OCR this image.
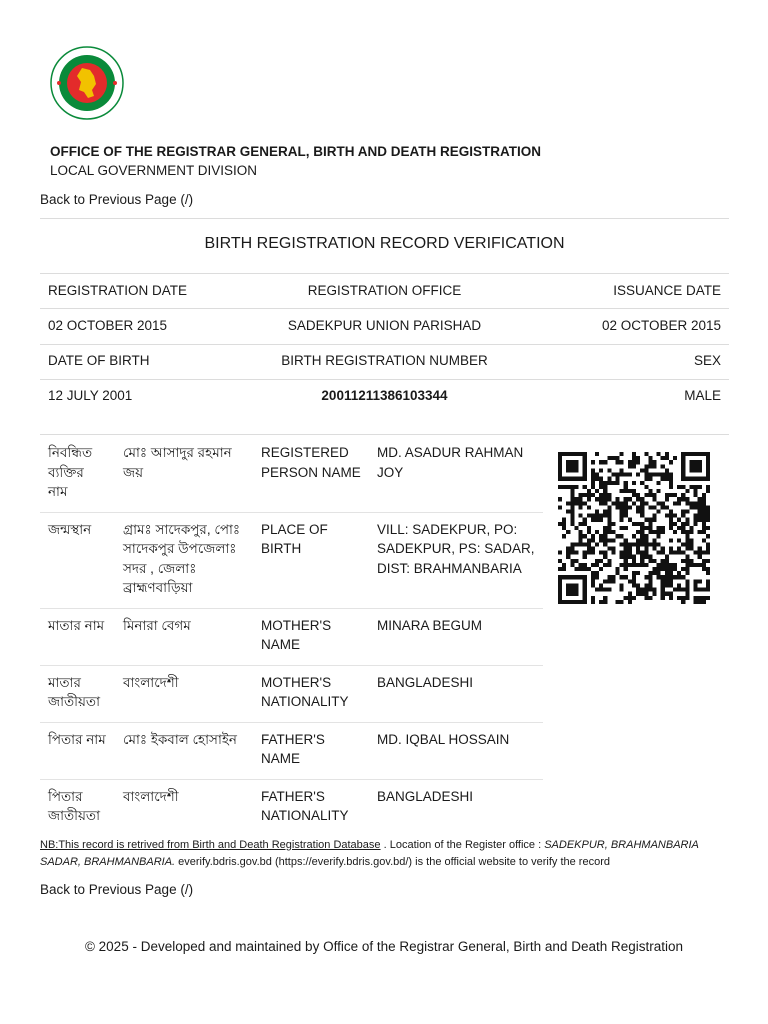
OFFICE OF THE REGISTRAR GENERAL, BIRTH AND DEATH REGISTRATION
LOCAL GOVERNMENT DIVISION
Back to Previous Page (/)
BIRTH REGISTRATION RECORD VERIFICATION
REGISTRATION DATE	REGISTRATION OFFICE	ISSUANCE DATE
02 OCTOBER 2015	SADEKPUR UNION PARISHAD	02 OCTOBER 2015
DATE OF BIRTH	BIRTH REGISTRATION NUMBER	SEX
12 JULY 2001	20011211386103344	MALE
নিবন্ধিত ব্যক্তির নাম	মোঃ আসাদুর রহমান জয়	REGISTERED PERSON NAME	MD. ASADUR RAHMAN JOY
জন্মস্থান	গ্রামঃ সাদেকপুর, পোঃ সাদেকপুর উপজেলাঃ সদর , জেলাঃ ব্রাহ্মণবাড়িয়া	PLACE OF BIRTH	VILL: SADEKPUR, PO: SADEKPUR, PS: SADAR, DIST: BRAHMANBARIA
মাতার নাম	মিনারা বেগম	MOTHER'S NAME	MINARA BEGUM
মাতার জাতীয়তা	বাংলাদেশী	MOTHER'S NATIONALITY	BANGLADESHI
পিতার নাম	মোঃ ইকবাল হোসাইন	FATHER'S NAME	MD. IQBAL HOSSAIN
পিতার জাতীয়তা	বাংলাদেশী	FATHER'S NATIONALITY	BANGLADESHI
NB:This record is retrived from Birth and Death Registration Database . Location of the Register office : SADEKPUR, BRAHMANBARIA SADAR, BRAHMANBARIA. everify.bdris.gov.bd (https://everify.bdris.gov.bd/) is the official website to verify the record
Back to Previous Page (/)
© 2025 - Developed and maintained by Office of the Registrar General, Birth and Death Registration
